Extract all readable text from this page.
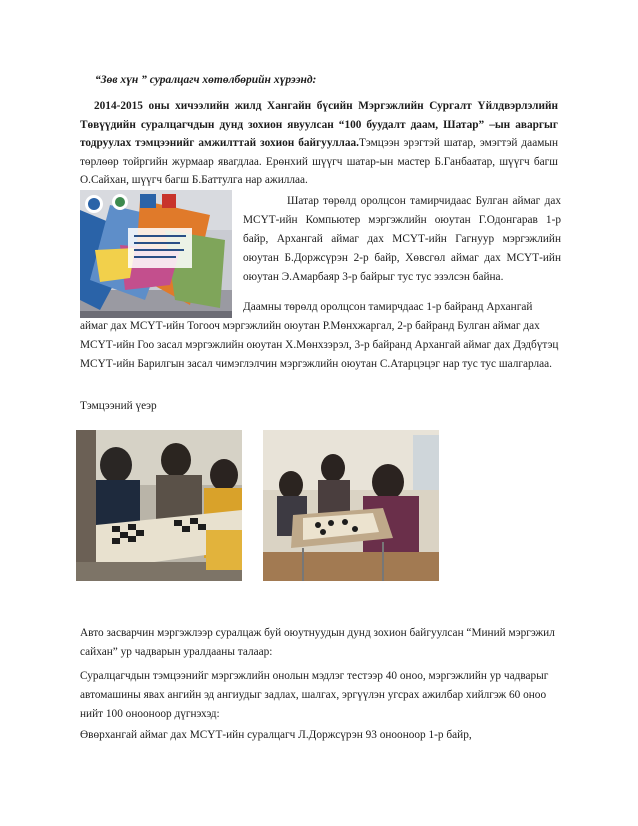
“Зөв хүн ” суралцагч хөтөлбөрийн хүрээнд:

2014-2015 оны хичээлийн жилд Хангайн бүсийн Мэргэжлийн Сургалт Үйлдвэрлэлийн Төвүүдийн суралцагчдын дунд зохион явуулсан “100 буудалт даам, Шатар” –ын аваргыг тодруулах тэмцээнийг амжилттай зохион байгууллаа.Тэмцээн эрэгтэй шатар, эмэгтэй даамын төрлөөр тойргийн журмаар явагдлаа. Ерөнхий шүүгч шатар-ын мастер Б.Ганбаатар, шүүгч багш О.Сайхан, шүүгч багш Б.Баттулга нар ажиллаа.

Шатар төрөлд оролцсон тамирчидаас Булган аймаг дах МСҮТ-ийн Компьютер мэргэжлийн оюутан Г.Одонгарав 1-р байр, Архангай аймаг дах МСҮТ-ийн Гагнуур мэргэжлийн оюутан Б.Доржсүрэн 2-р байр, Хөвсгөл аймаг дах МСҮТ-ийн оюутан Э.Амарбаяр 3-р байрыг тус тус эзэлсэн байна.

Даамны төрөлд оролцсон тамирчдаас 1-р байранд Архангай

аймаг дах МСҮТ-ийн Тогооч мэргэжлийн оюутан Р.Мөнхжаргал, 2-р байранд Булган аймаг дах МСҮТ-ийн Гоо засал мэргэжлийн оюутан Х.Мөнхзэрэл, 3-р байранд Архангай аймаг дах Дэдбүтэц МСҮТ-ийн Барилгын засал чимэглэлчин мэргэжлийн оюутан С.Атарцэцэг нар тус тус шалгарлаа.

Тэмцээний үеэр

Авто засварчин мэргэжлээр суралцаж буй оюутнуудын дунд зохион байгуулсан “Миний мэргэжил сайхан” ур чадварын уралдааны талаар:

Суралцагчдын тэмцээнийг мэргэжлийн онолын мэдлэг тестээр 40 оноо, мэргэжлийн ур чадварыг автомашины явах ангийн эд ангиудыг задлах, шалгах, эргүүлэн угсрах ажилбар хийлгэж 60 оноо нийт 100 онооноор дүгнэхэд:

Өвөрхангай аймаг дах МСҮТ-ийн суралцагч Л.Доржсүрэн 93 онооноор 1-р байр,
